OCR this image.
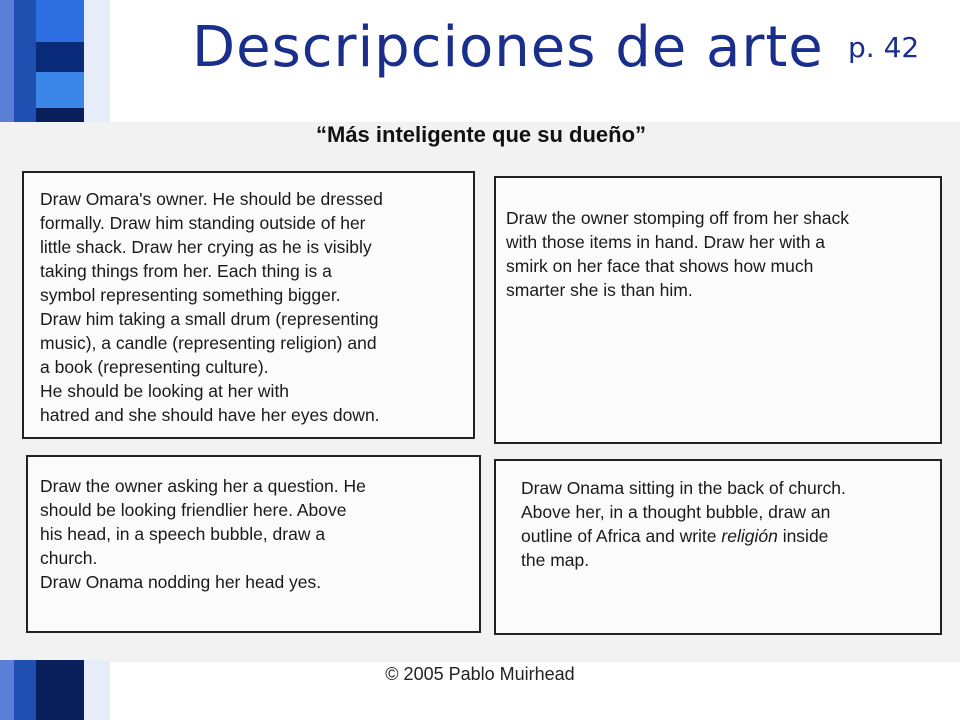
Descripciones de arte p. 42
“Más inteligente que su dueño”

Draw Omara's owner. He should be dressed
formally. Draw him standing outside of her
little shack. Draw her crying as he is visibly
taking things from her. Each thing is a
symbol representing something bigger.
Draw him taking a small drum (representing
music), a candle (representing religion) and
a book (representing culture).
He should be looking at her with
hatred and she should have her eyes down.

Draw the owner stomping off from her shack
with those items in hand. Draw her with a
smirk on her face that shows how much
smarter she is than him.

Draw the owner asking her a question. He
should be looking friendlier here. Above
his head, in a speech bubble, draw a
church.
Draw Onama nodding her head yes.

Draw Onama sitting in the back of church.
Above her, in a thought bubble, draw an
outline of Africa and write religión inside
the map.

© 2005 Pablo Muirhead
